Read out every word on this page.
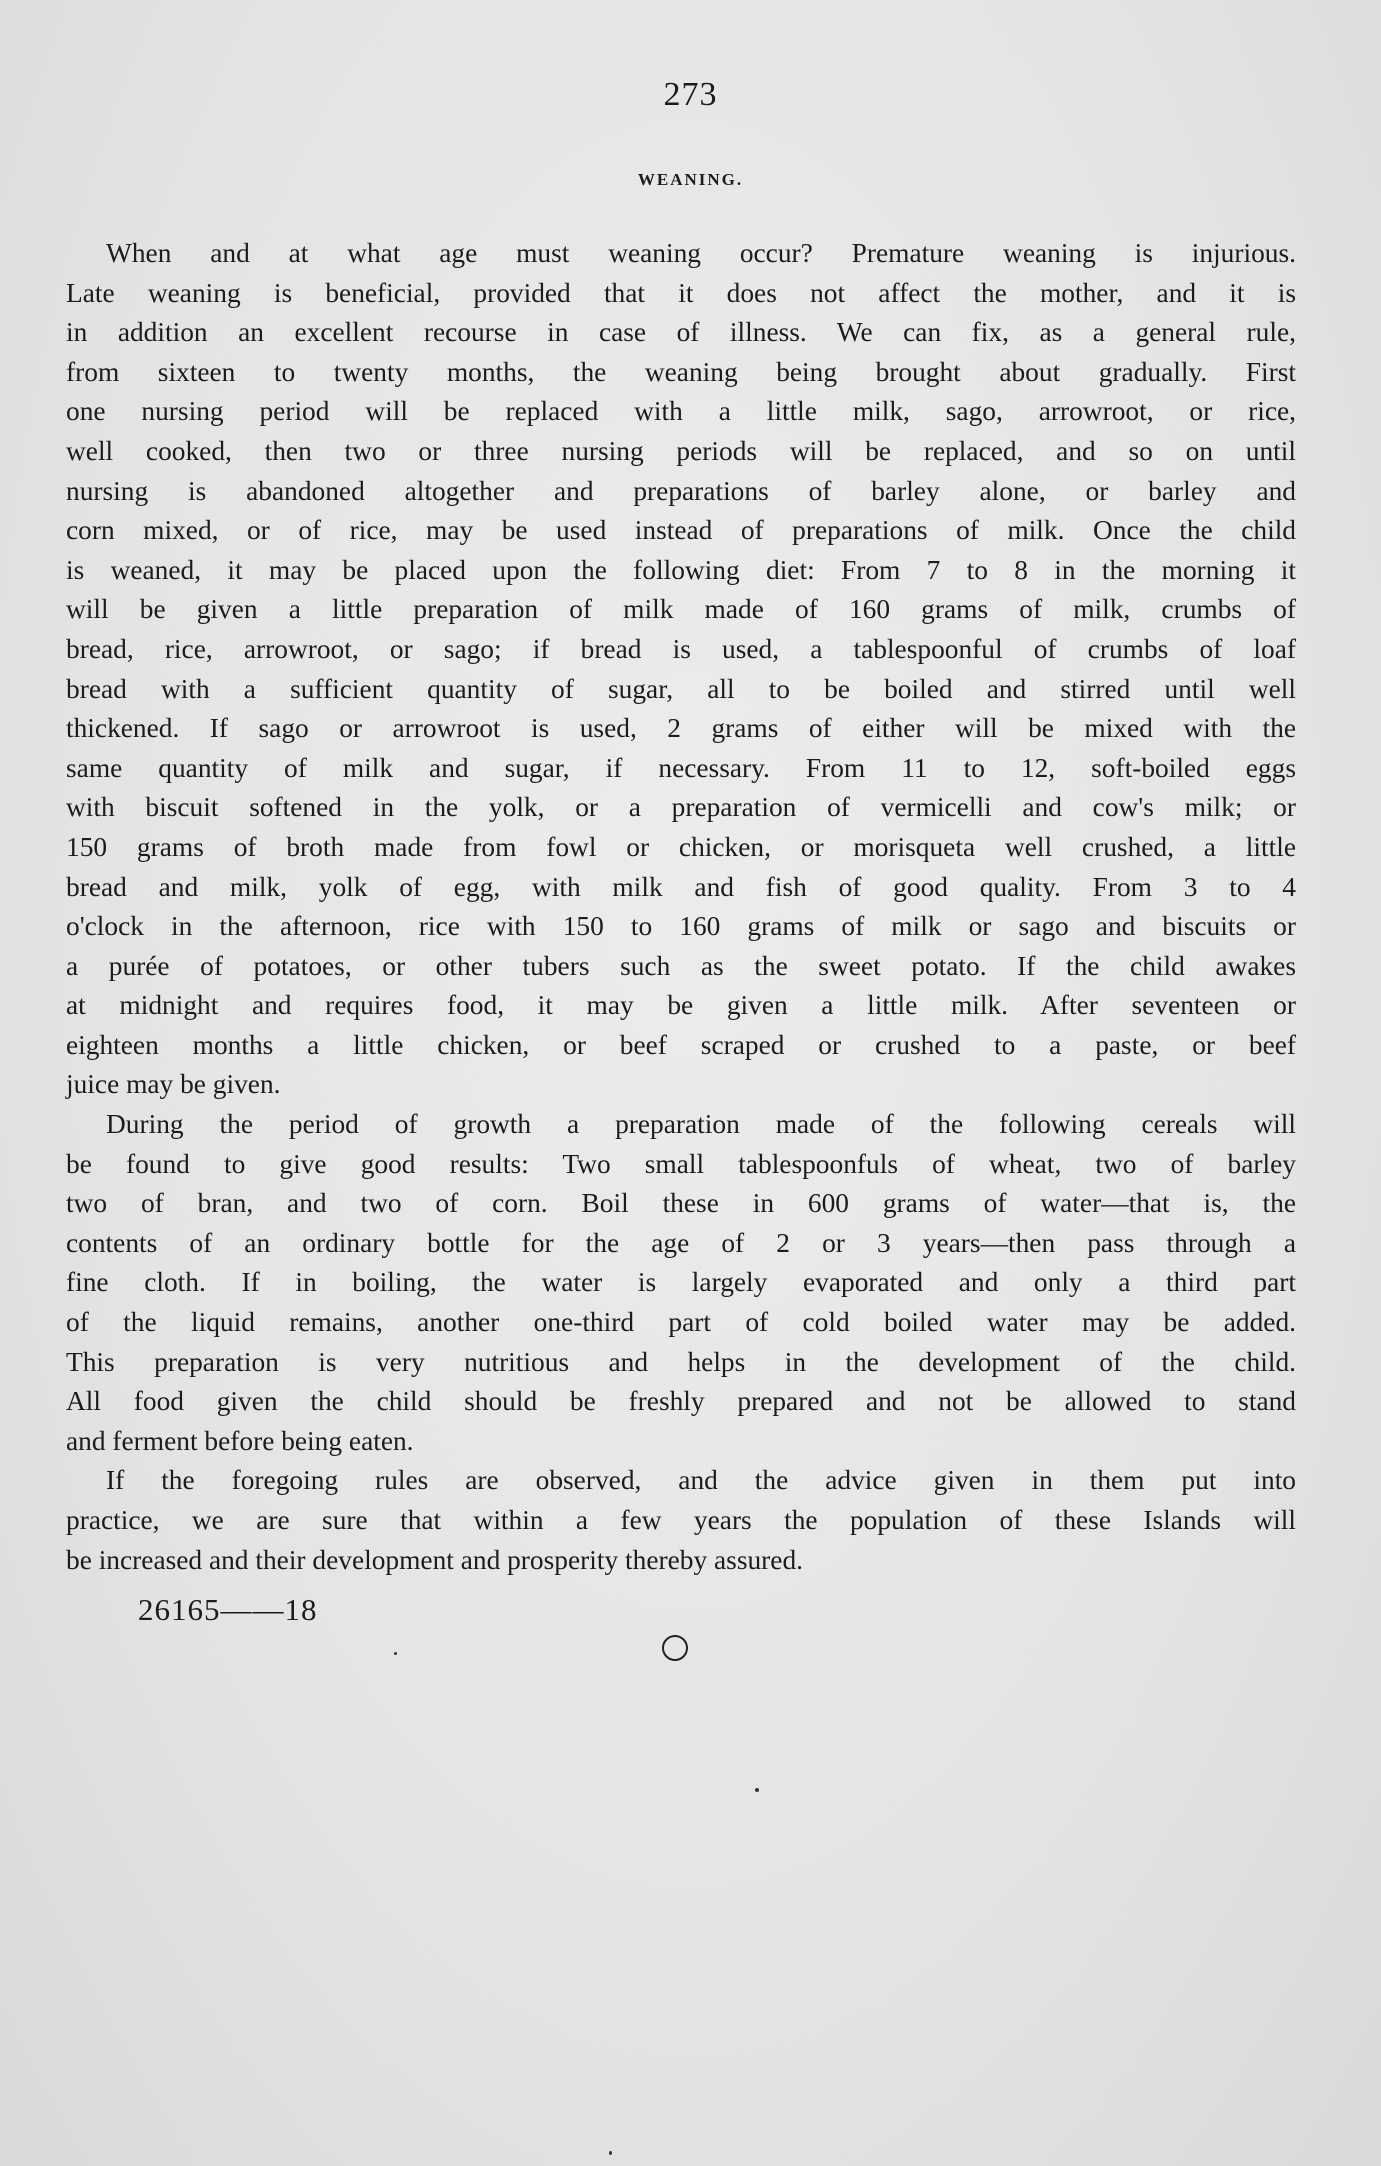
273
WEANING.
When and at what age must weaning occur? Premature weaning is injurious.
Late weaning is beneficial, provided that it does not affect the mother, and it is
in addition an excellent recourse in case of illness. We can fix, as a general rule,
from sixteen to twenty months, the weaning being brought about gradually. First
one nursing period will be replaced with a little milk, sago, arrowroot, or rice,
well cooked, then two or three nursing periods will be replaced, and so on until
nursing is abandoned altogether and preparations of barley alone, or barley and
corn mixed, or of rice, may be used instead of preparations of milk. Once the child
is weaned, it may be placed upon the following diet: From 7 to 8 in the morning it
will be given a little preparation of milk made of 160 grams of milk, crumbs of
bread, rice, arrowroot, or sago; if bread is used, a tablespoonful of crumbs of loaf
bread with a sufficient quantity of sugar, all to be boiled and stirred until well
thickened. If sago or arrowroot is used, 2 grams of either will be mixed with the
same quantity of milk and sugar, if necessary. From 11 to 12, soft-boiled eggs
with biscuit softened in the yolk, or a preparation of vermicelli and cow's milk; or
150 grams of broth made from fowl or chicken, or morisqueta well crushed, a little
bread and milk, yolk of egg, with milk and fish of good quality. From 3 to 4
o'clock in the afternoon, rice with 150 to 160 grams of milk or sago and biscuits or
a purée of potatoes, or other tubers such as the sweet potato. If the child awakes
at midnight and requires food, it may be given a little milk. After seventeen or
eighteen months a little chicken, or beef scraped or crushed to a paste, or beef
juice may be given.
During the period of growth a preparation made of the following cereals will
be found to give good results: Two small tablespoonfuls of wheat, two of barley
two of bran, and two of corn. Boil these in 600 grams of water—that is, the
contents of an ordinary bottle for the age of 2 or 3 years—then pass through a
fine cloth. If in boiling, the water is largely evaporated and only a third part
of the liquid remains, another one-third part of cold boiled water may be added.
This preparation is very nutritious and helps in the development of the child.
All food given the child should be freshly prepared and not be allowed to stand
and ferment before being eaten.
If the foregoing rules are observed, and the advice given in them put into
practice, we are sure that within a few years the population of these Islands will
be increased and their development and prosperity thereby assured.
26165——18
